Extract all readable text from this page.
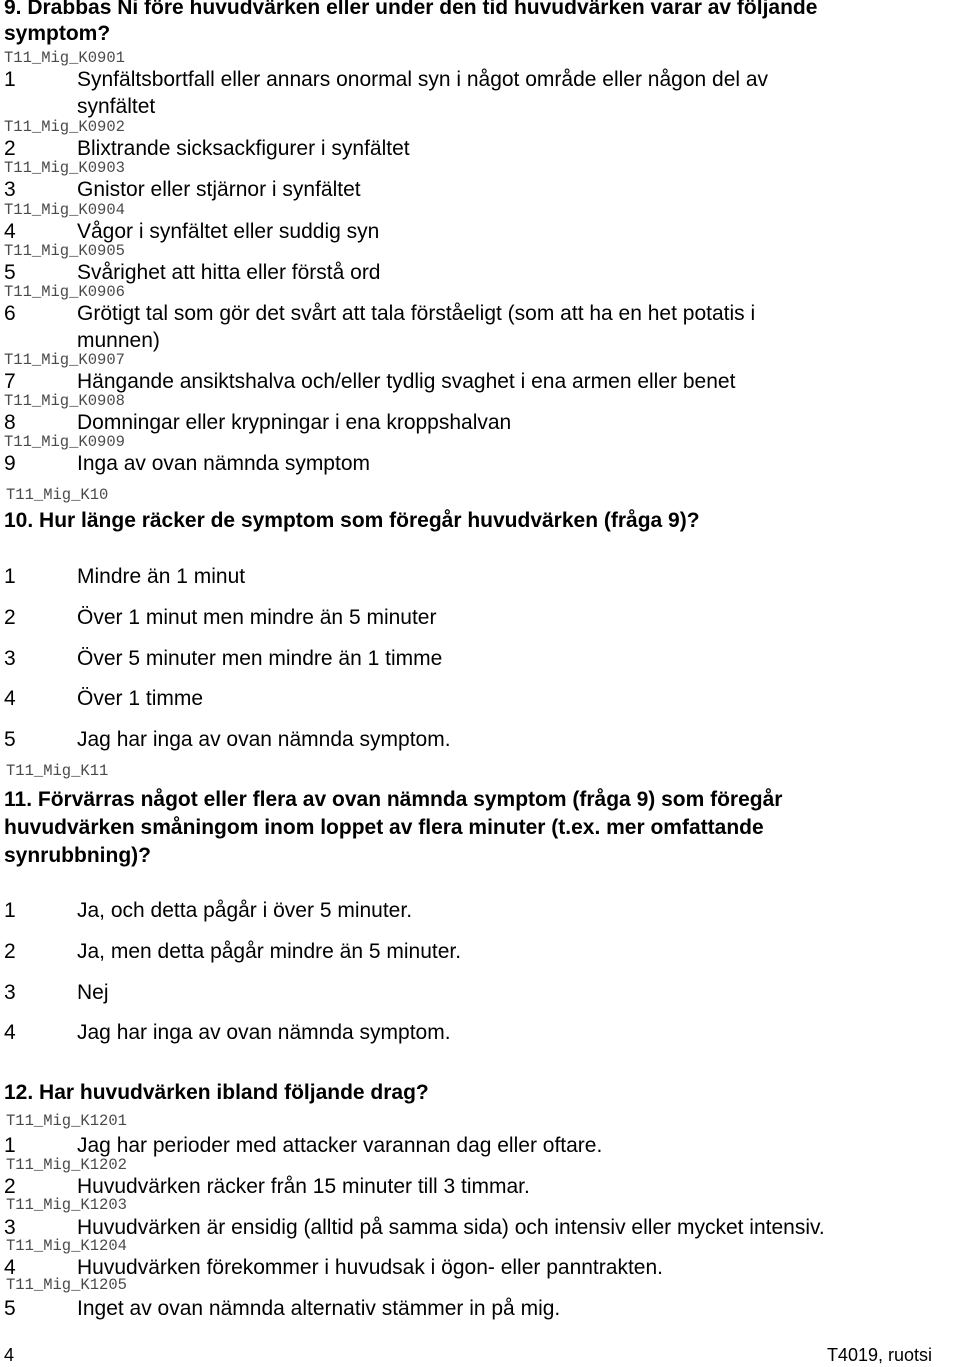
9. Drabbas Ni före huvudvärken eller under den tid huvudvärken varar av följande
symptom?
T11_Mig_K0901
1	Synfältsbortfall eller annars onormal syn i något område eller någon del av
synfältet
T11_Mig_K0902
2	Blixtrande sicksackfigurer i synfältet
T11_Mig_K0903
3	Gnistor eller stjärnor i synfältet
T11_Mig_K0904
4	Vågor i synfältet eller suddig syn
T11_Mig_K0905
5	Svårighet att hitta eller förstå ord
T11_Mig_K0906
6	Grötigt tal som gör det svårt att tala förståeligt (som att ha en het potatis i
munnen)
T11_Mig_K0907
7	Hängande ansiktshalva och/eller tydlig svaghet i ena armen eller benet
T11_Mig_K0908
8	Domningar eller krypningar i ena kroppshalvan
T11_Mig_K0909
9	Inga av ovan nämnda symptom
T11_Mig_K10
10. Hur länge räcker de symptom som föregår huvudvärken (fråga 9)?
1	Mindre än 1 minut
2	Över 1 minut men mindre än 5 minuter
3	Över 5 minuter men mindre än 1 timme
4	Över 1 timme
5	Jag har inga av ovan nämnda symptom.
T11_Mig_K11
11. Förvärras något eller flera av ovan nämnda symptom (fråga 9) som föregår
huvudvärken småningom inom loppet av flera minuter (t.ex. mer omfattande
synrubbning)?
1	Ja, och detta pågår i över 5 minuter.
2	Ja, men detta pågår mindre än 5 minuter.
3	Nej
4	Jag har inga av ovan nämnda symptom.
12. Har huvudvärken ibland följande drag?
T11_Mig_K1201
1	Jag har perioder med attacker varannan dag eller oftare.
T11_Mig_K1202
2	Huvudvärken räcker från 15 minuter till 3 timmar.
T11_Mig_K1203
3	Huvudvärken är ensidig (alltid på samma sida) och intensiv eller mycket intensiv.
T11_Mig_K1204
4	Huvudvärken förekommer i huvudsak i ögon- eller panntrakten.
T11_Mig_K1205
5	Inget av ovan nämnda alternativ stämmer in på mig.
4	T4019, ruotsi
